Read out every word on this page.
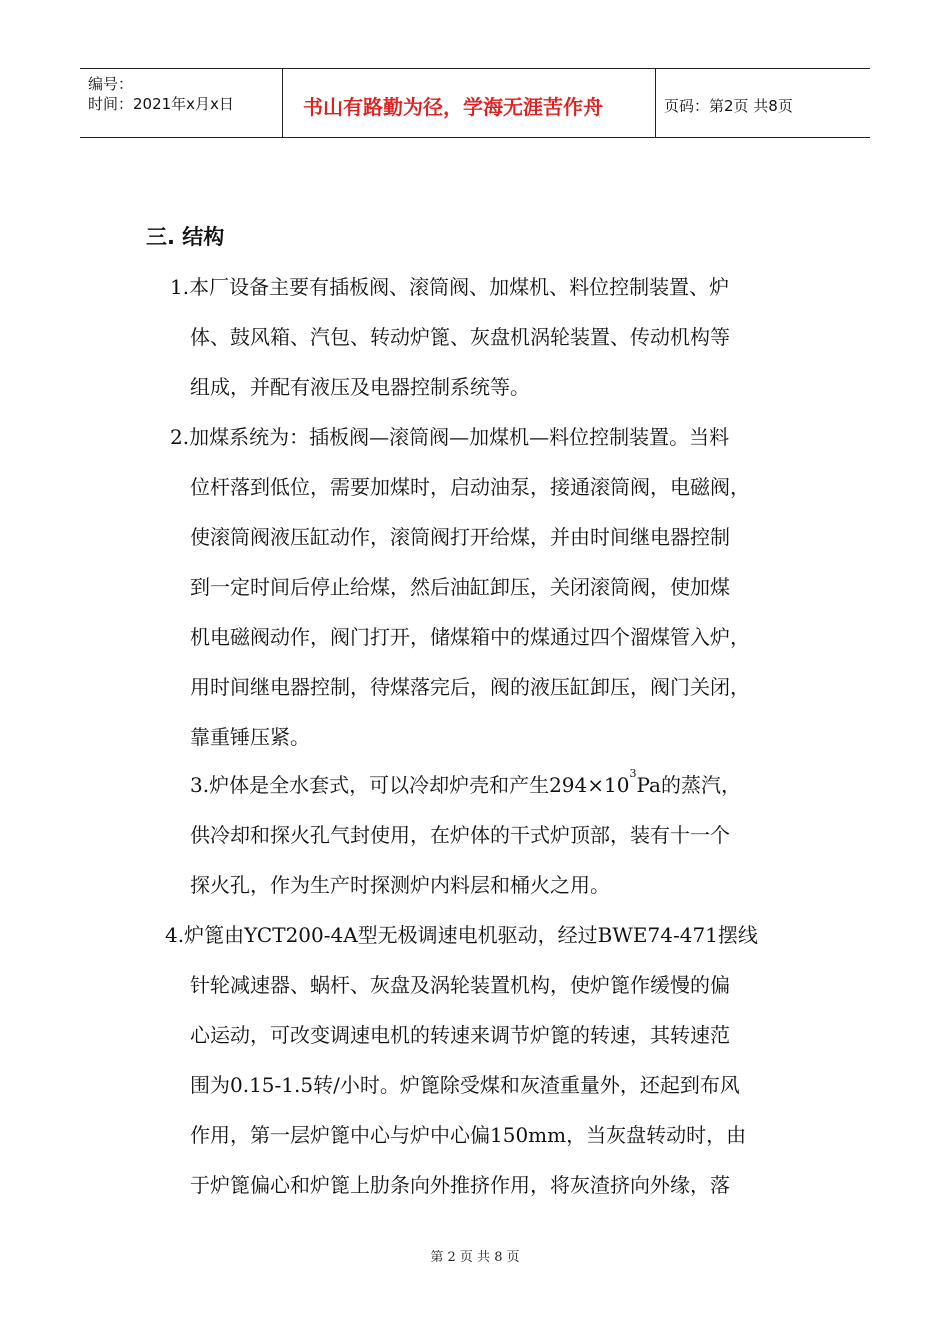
编号：
时间：2021年x月x日	书山有路勤为径，学海无涯苦作舟	页码：第2页 共8页
三. 结构
1.本厂设备主要有插板阀、滚筒阀、加煤机、料位控制装置、炉
体、鼓风箱、汽包、转动炉篦、灰盘机涡轮装置、传动机构等
组成，并配有液压及电器控制系统等。
2.加煤系统为：插板阀—滚筒阀—加煤机—料位控制装置。当料
位杆落到低位，需要加煤时，启动油泵，接通滚筒阀，电磁阀，
使滚筒阀液压缸动作，滚筒阀打开给煤，并由时间继电器控制
到一定时间后停止给煤，然后油缸卸压，关闭滚筒阀，使加煤
机电磁阀动作，阀门打开，储煤箱中的煤通过四个溜煤管入炉，
用时间继电器控制，待煤落完后，阀的液压缸卸压，阀门关闭，
靠重锤压紧。
3.炉体是全水套式，可以冷却炉壳和产生$294\times 10^3Pa$的蒸汽，
供冷却和探火孔气封使用，在炉体的干式炉顶部，装有十一个
探火孔，作为生产时探测炉内料层和桶火之用。
4.炉篦由YCT200-4A型无极调速电机驱动，经过BWE74-471摆线
针轮减速器、蜗杆、灰盘及涡轮装置机构，使炉篦作缓慢的偏
心运动，可改变调速电机的转速来调节炉篦的转速，其转速范
围为0.15-1.5转/小时。炉篦除受煤和灰渣重量外，还起到布风
作用，第一层炉篦中心与炉中心偏150mm，当灰盘转动时，由
于炉篦偏心和炉篦上肋条向外推挤作用，将灰渣挤向外缘，落
第 2 页 共 8 页
